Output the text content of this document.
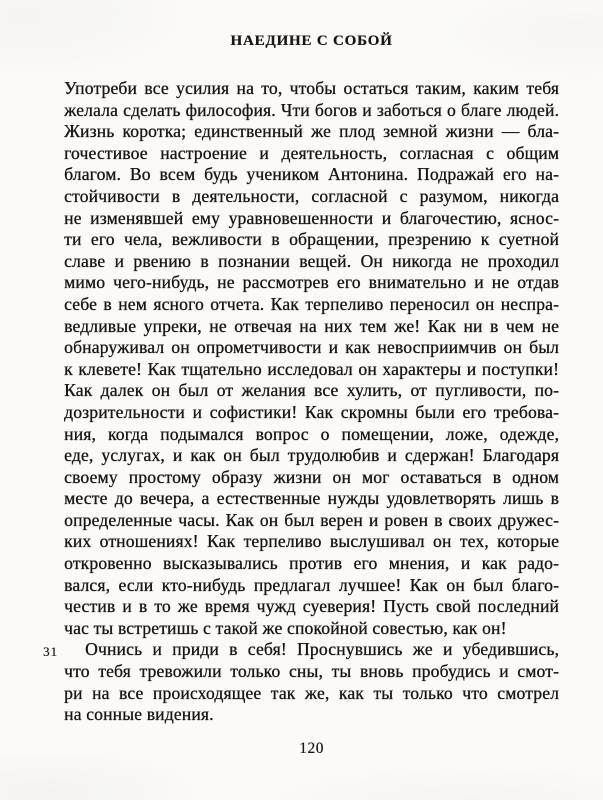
НАЕДИНЕ С СОБОЙ
31
Употреби все усилия на то, чтобы остаться таким, каким тебя
желала сделать философия. Чти богов и заботься о благе людей.
Жизнь коротка; единственный же плод земной жизни — бла-
гочестивое настроение и деятельность, согласная с общим
благом. Во всем будь учеником Антонина. Подражай его на-
стойчивости в деятельности, согласной с разумом, никогда
не изменявшей ему уравновешенности и благочестию, яснос-
ти его чела, вежливости в обращении, презрению к суетной
славе и рвению в познании вещей. Он никогда не проходил
мимо чего-нибудь, не рассмотрев его внимательно и не отдав
себе в нем ясного отчета. Как терпеливо переносил он неспра-
ведливые упреки, не отвечая на них тем же! Как ни в чем не
обнаруживал он опрометчивости и как невосприимчив он был
к клевете! Как тщательно исследовал он характеры и поступки!
Как далек он был от желания все хулить, от пугливости, по-
дозрительности и софистики! Как скромны были его требова-
ния, когда подымался вопрос о помещении, ложе, одежде,
еде, услугах, и как он был трудолюбив и сдержан! Благодаря
своему простому образу жизни он мог оставаться в одном
месте до вечера, а естественные нужды удовлетворять лишь в
определенные часы. Как он был верен и ровен в своих дружес-
ких отношениях! Как терпеливо выслушивал он тех, которые
откровенно высказывались против его мнения, и как радо-
вался, если кто-нибудь предлагал лучшее! Как он был благо-
честив и в то же время чужд суеверия! Пусть свой последний
час ты встретишь с такой же спокойной совестью, как он!
Очнись и приди в себя! Проснувшись же и убедившись,
что тебя тревожили только сны, ты вновь пробудись и смот-
ри на все происходящее так же, как ты только что смотрел
на сонные видения.
120
